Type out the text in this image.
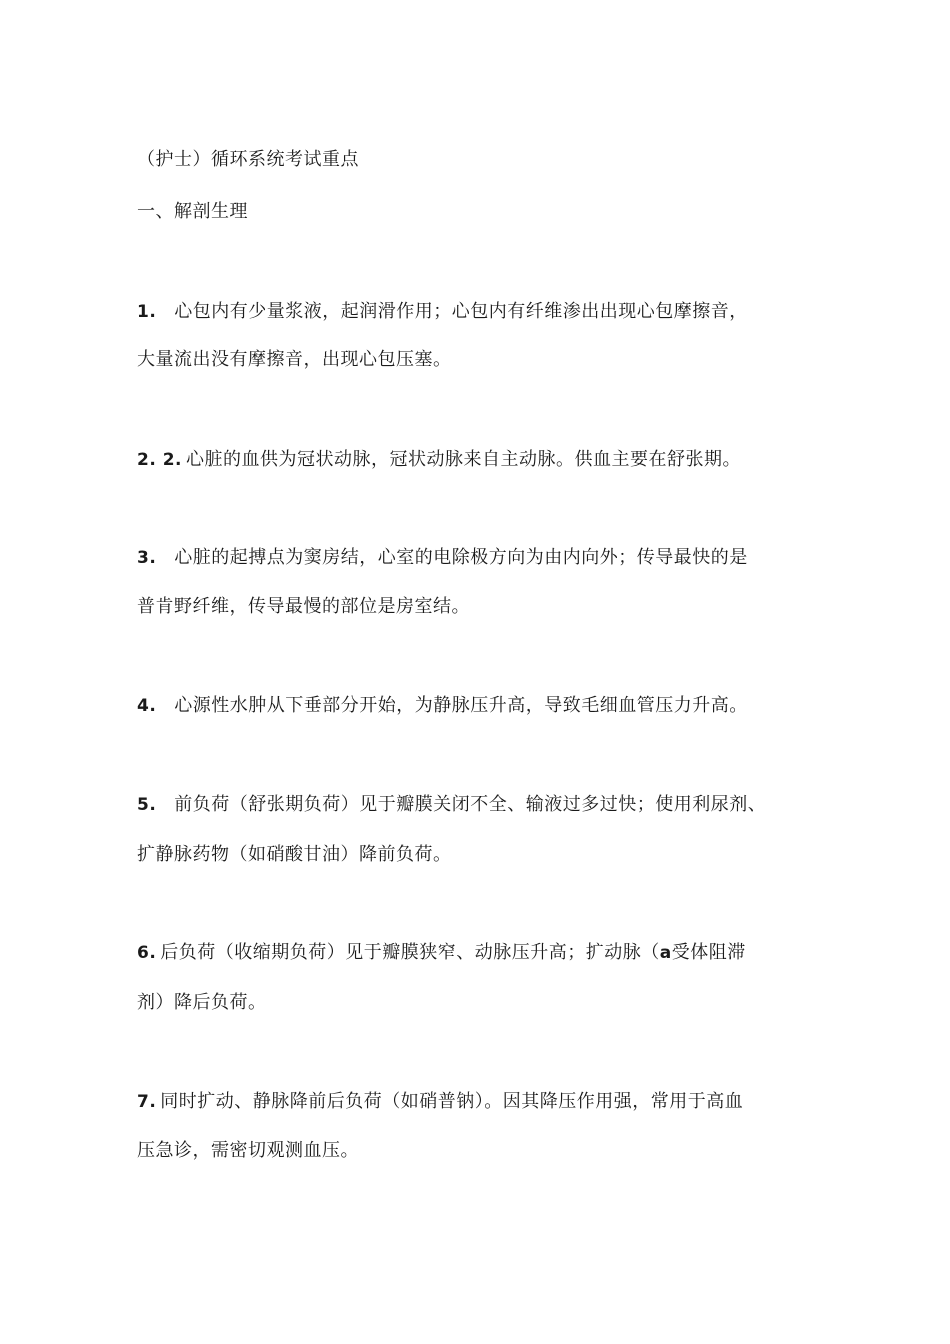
（护士）循环系统考试重点
一、解剖生理
1. 心包内有少量浆液，起润滑作用；心包内有纤维渗出出现心包摩擦音，
大量流出没有摩擦音，出现心包压塞。
2. 2. 心脏的血供为冠状动脉，冠状动脉来自主动脉。供血主要在舒张期。
3. 心脏的起搏点为窦房结，心室的电除极方向为由内向外；传导最快的是
普肯野纤维，传导最慢的部位是房室结。
4. 心源性水肿从下垂部分开始，为静脉压升高，导致毛细血管压力升高。
5. 前负荷（舒张期负荷）见于瓣膜关闭不全、输液过多过快；使用利尿剂、
扩静脉药物（如硝酸甘油）降前负荷。
6. 后负荷（收缩期负荷）见于瓣膜狭窄、动脉压升高；扩动脉（a受体阻滞
剂）降后负荷。
7. 同时扩动、静脉降前后负荷（如硝普钠）。因其降压作用强，常用于高血
压急诊，需密切观测血压。
